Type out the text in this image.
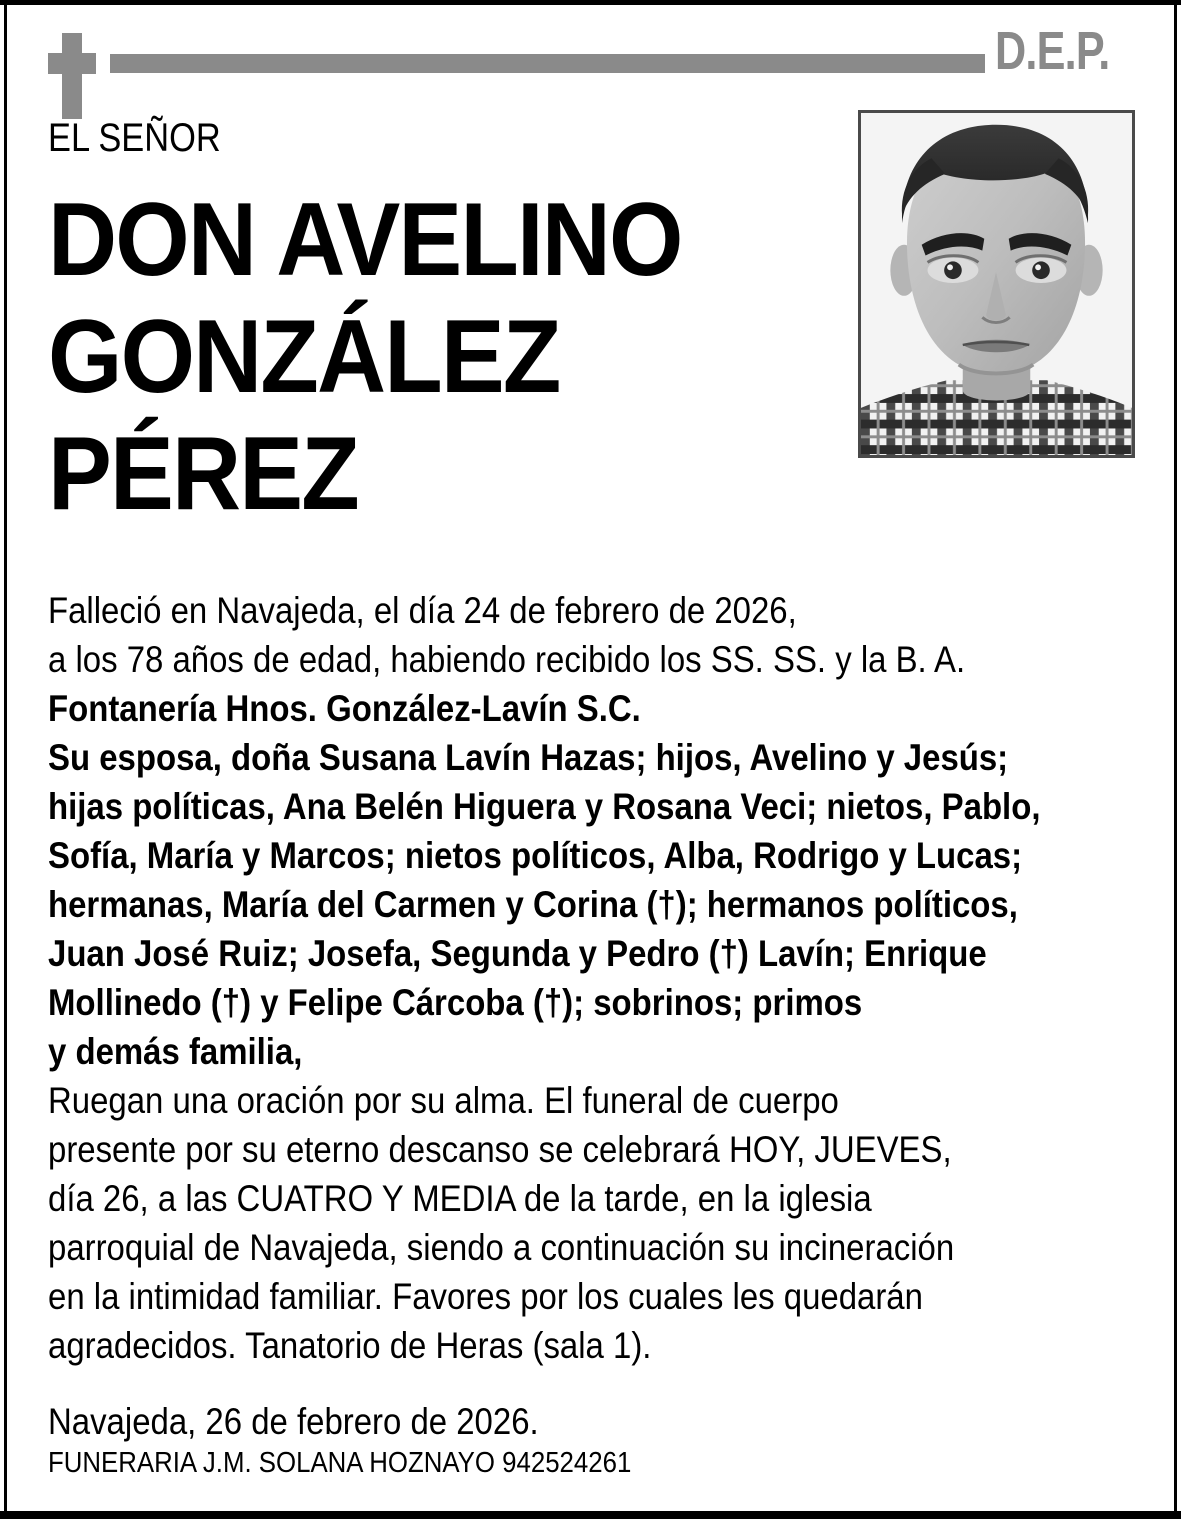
D.E.P.
EL SEÑOR
DON AVELINO
GONZÁLEZ
PÉREZ
Falleció en Navajeda, el día 24 de febrero de 2026,
a los 78 años de edad, habiendo recibido los SS. SS. y la B. A.
Fontanería Hnos. González-Lavín S.C.
Su esposa, doña Susana Lavín Hazas; hijos, Avelino y Jesús;
hijas políticas, Ana Belén Higuera y Rosana Veci; nietos, Pablo,
Sofía, María y Marcos; nietos políticos, Alba, Rodrigo y Lucas;
hermanas, María del Carmen y Corina (†); hermanos políticos,
Juan José Ruiz; Josefa, Segunda y Pedro (†) Lavín; Enrique
Mollinedo (†) y Felipe Cárcoba (†); sobrinos; primos
y demás familia,
Ruegan una oración por su alma. El funeral de cuerpo
presente por su eterno descanso se celebrará HOY, JUEVES,
día 26, a las CUATRO Y MEDIA de la tarde, en la iglesia
parroquial de Navajeda, siendo a continuación su incineración
en la intimidad familiar. Favores por los cuales les quedarán
agradecidos. Tanatorio de Heras (sala 1).
Navajeda, 26 de febrero de 2026.
FUNERARIA J.M. SOLANA HOZNAYO 942524261
